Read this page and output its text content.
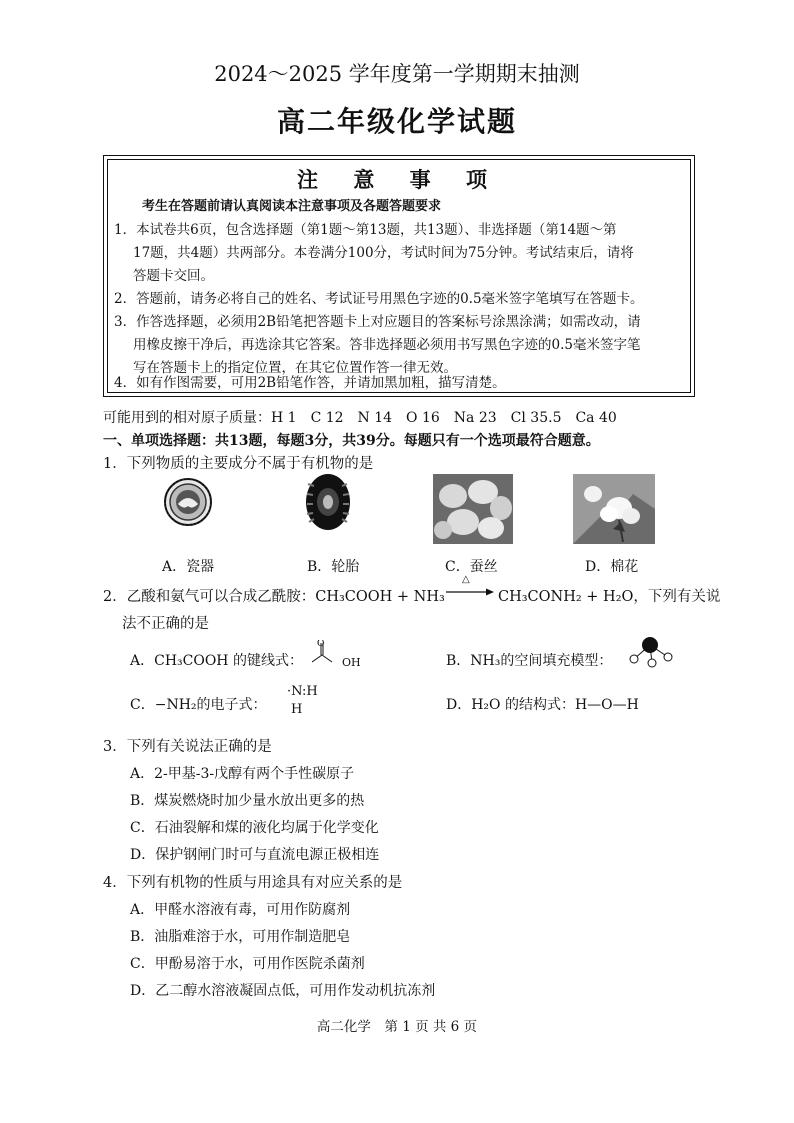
2024～2025 学年度第一学期期末抽测
高二年级化学试题
注 意 事 项
考生在答题前请认真阅读本注意事项及各题答题要求
1．本试卷共6页，包含选择题（第1题～第13题，共13题）、非选择题（第14题～第
17题，共4题）共两部分。本卷满分100分，考试时间为75分钟。考试结束后，请将
答题卡交回。
2．答题前，请务必将自己的姓名、考试证号用黑色字迹的0.5毫米签字笔填写在答题卡。
3．作答选择题，必须用2B铅笔把答题卡上对应题目的答案标号涂黑涂满；如需改动，请
用橡皮擦干净后，再选涂其它答案。答非选择题必须用书写黑色字迹的0.5毫米签字笔
写在答题卡上的指定位置，在其它位置作答一律无效。
4．如有作图需要，可用2B铅笔作答，并请加黑加粗，描写清楚。
可能用到的相对原子质量：H 1　C 12　N 14　O 16　Na 23　Cl 35.5　Ca 40
一、单项选择题：共13题，每题3分，共39分。每题只有一个选项最符合题意。
1．下列物质的主要成分不属于有机物的是
A．瓷器	B．轮胎	C．蚕丝	D．棉花
2．乙酸和氨气可以合成乙酰胺：CH₃COOH + NH₃
△
CH₃CONH₂ + H₂O，下列有关说
法不正确的是
A．CH₃COOH 的键线式：
O
OH	B．NH₃的空间填充模型：
C．−NH₂的电子式：
·N:H
H	D．H₂O 的结构式：H—O—H
3．下列有关说法正确的是
A．2-甲基-3-戊醇有两个手性碳原子
B．煤炭燃烧时加少量水放出更多的热
C．石油裂解和煤的液化均属于化学变化
D．保护钢闸门时可与直流电源正极相连
4．下列有机物的性质与用途具有对应关系的是
A．甲醛水溶液有毒，可用作防腐剂
B．油脂难溶于水，可用作制造肥皂
C．甲酚易溶于水，可用作医院杀菌剂
D．乙二醇水溶液凝固点低，可用作发动机抗冻剂
高二化学　第 1 页 共 6 页
